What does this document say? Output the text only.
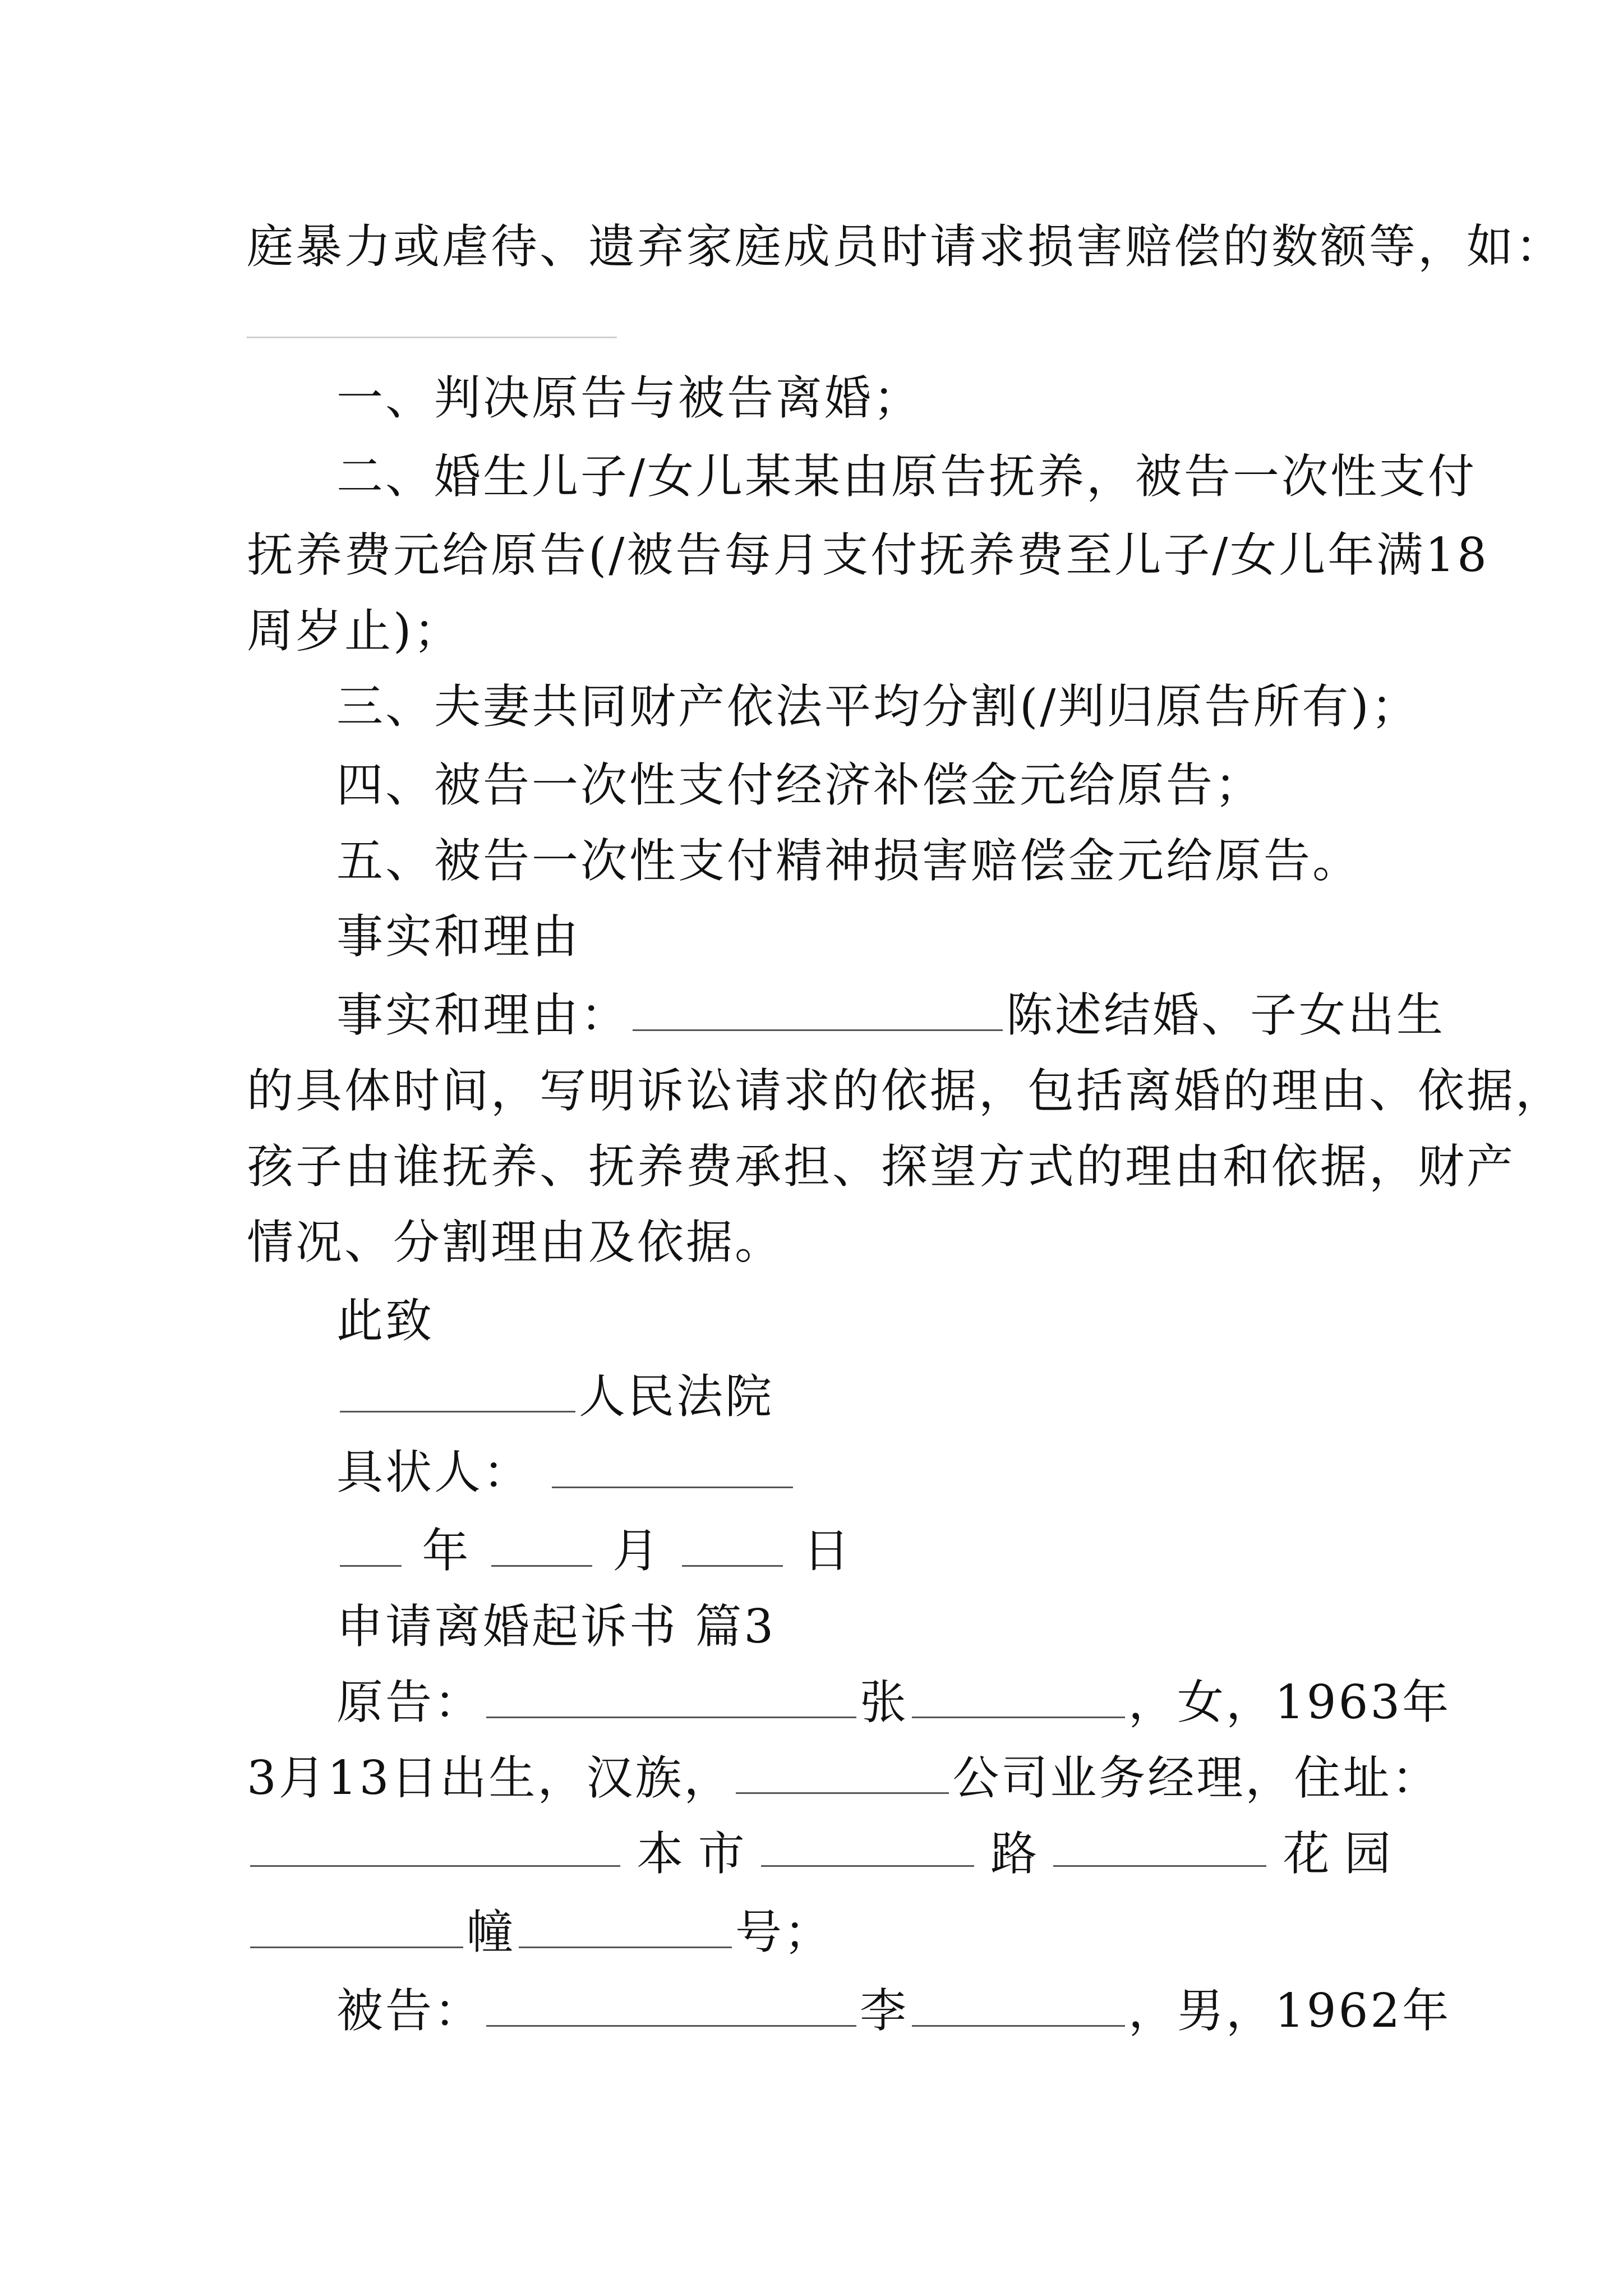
庭暴力或虐待、遗弃家庭成员时请求损害赔偿的数额等，如：
一、判决原告与被告离婚；
二、婚生儿子/女儿某某由原告抚养，被告一次性支付
抚养费元给原告(/被告每月支付抚养费至儿子/女儿年满18
周岁止)；
三、夫妻共同财产依法平均分割(/判归原告所有)；
四、被告一次性支付经济补偿金元给原告；
五、被告一次性支付精神损害赔偿金元给原告。
事实和理由
事实和理由：	陈述结婚、子女出生
的具体时间，写明诉讼请求的依据，包括离婚的理由、依据，
孩子由谁抚养、抚养费承担、探望方式的理由和依据，财产
情况、分割理由及依据。
此致
人民法院
具状人：
年	月	日
申请离婚起诉书 篇3
原告：	张	，女，1963年
3月13日出生，汉族，	公司业务经理，住址：
本 市	路	花 园
幢	号；
被告：	李	，男，1962年
